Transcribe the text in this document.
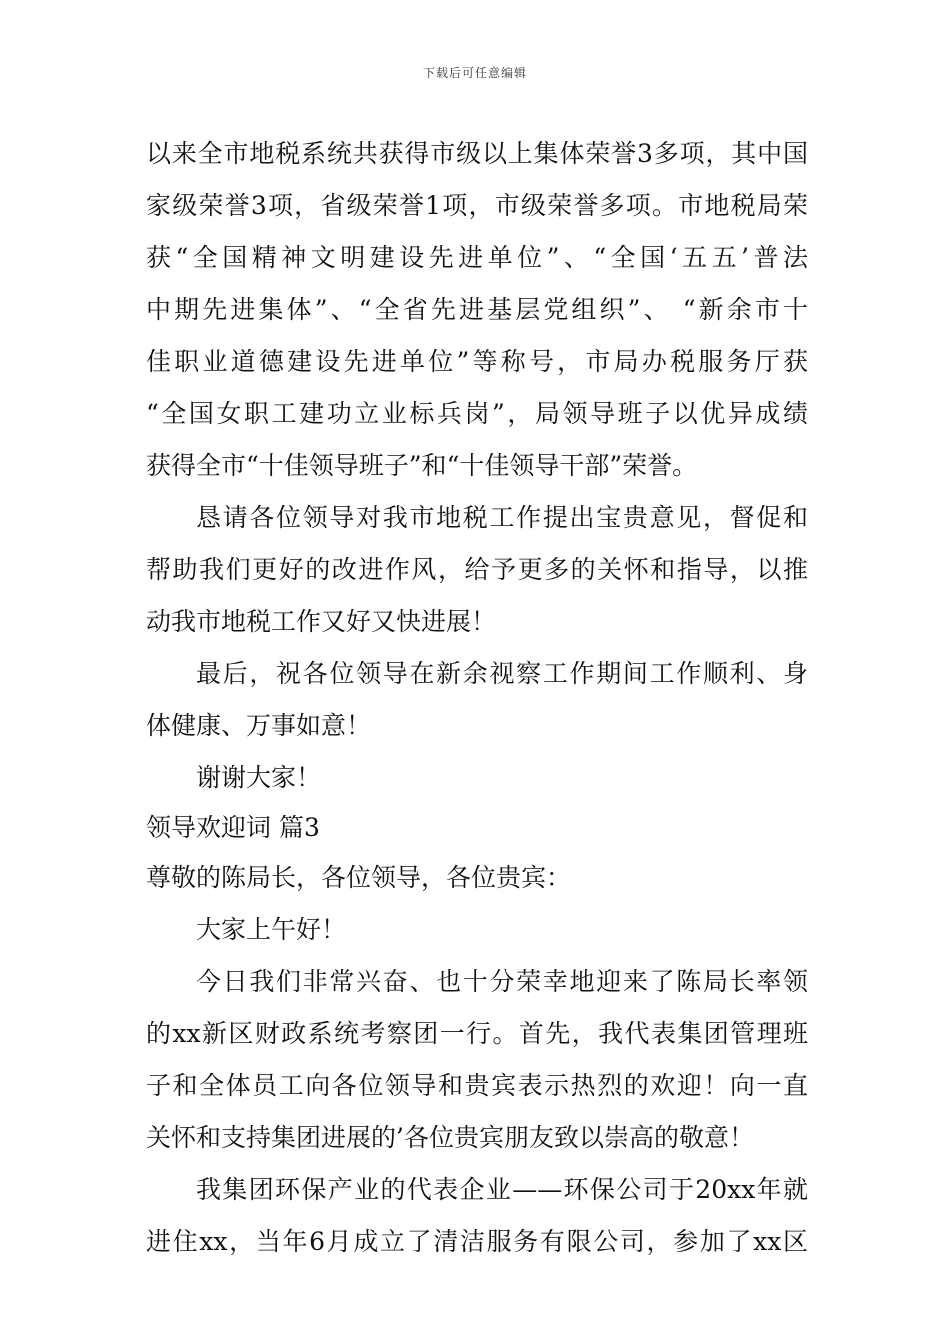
下载后可任意编辑
以来全市地税系统共获得市级以上集体荣誉3多项，其中国
家级荣誉3项，省级荣誉1项，市级荣誉多项。市地税局荣
获“全国精神文明建设先进单位”、“全国‘五五’普法
中期先进集体”、“全省先进基层党组织”、 “新余市十
佳职业道德建设先进单位”等称号，市局办税服务厅获
“全国女职工建功立业标兵岗”，局领导班子以优异成绩
获得全市“十佳领导班子”和“十佳领导干部”荣誉。
恳请各位领导对我市地税工作提出宝贵意见，督促和
帮助我们更好的改进作风，给予更多的关怀和指导，以推
动我市地税工作又好又快进展！
最后，祝各位领导在新余视察工作期间工作顺利、身
体健康、万事如意！
谢谢大家！
领导欢迎词 篇3
尊敬的陈局长，各位领导，各位贵宾：
大家上午好！
今日我们非常兴奋、也十分荣幸地迎来了陈局长率领
的xx新区财政系统考察团一行。首先，我代表集团管理班
子和全体员工向各位领导和贵宾表示热烈的欢迎！向一直
关怀和支持集团进展的’各位贵宾朋友致以崇高的敬意！
我集团环保产业的代表企业——环保公司于20xx年就
进住xx，当年6月成立了清洁服务有限公司，参加了xx区
